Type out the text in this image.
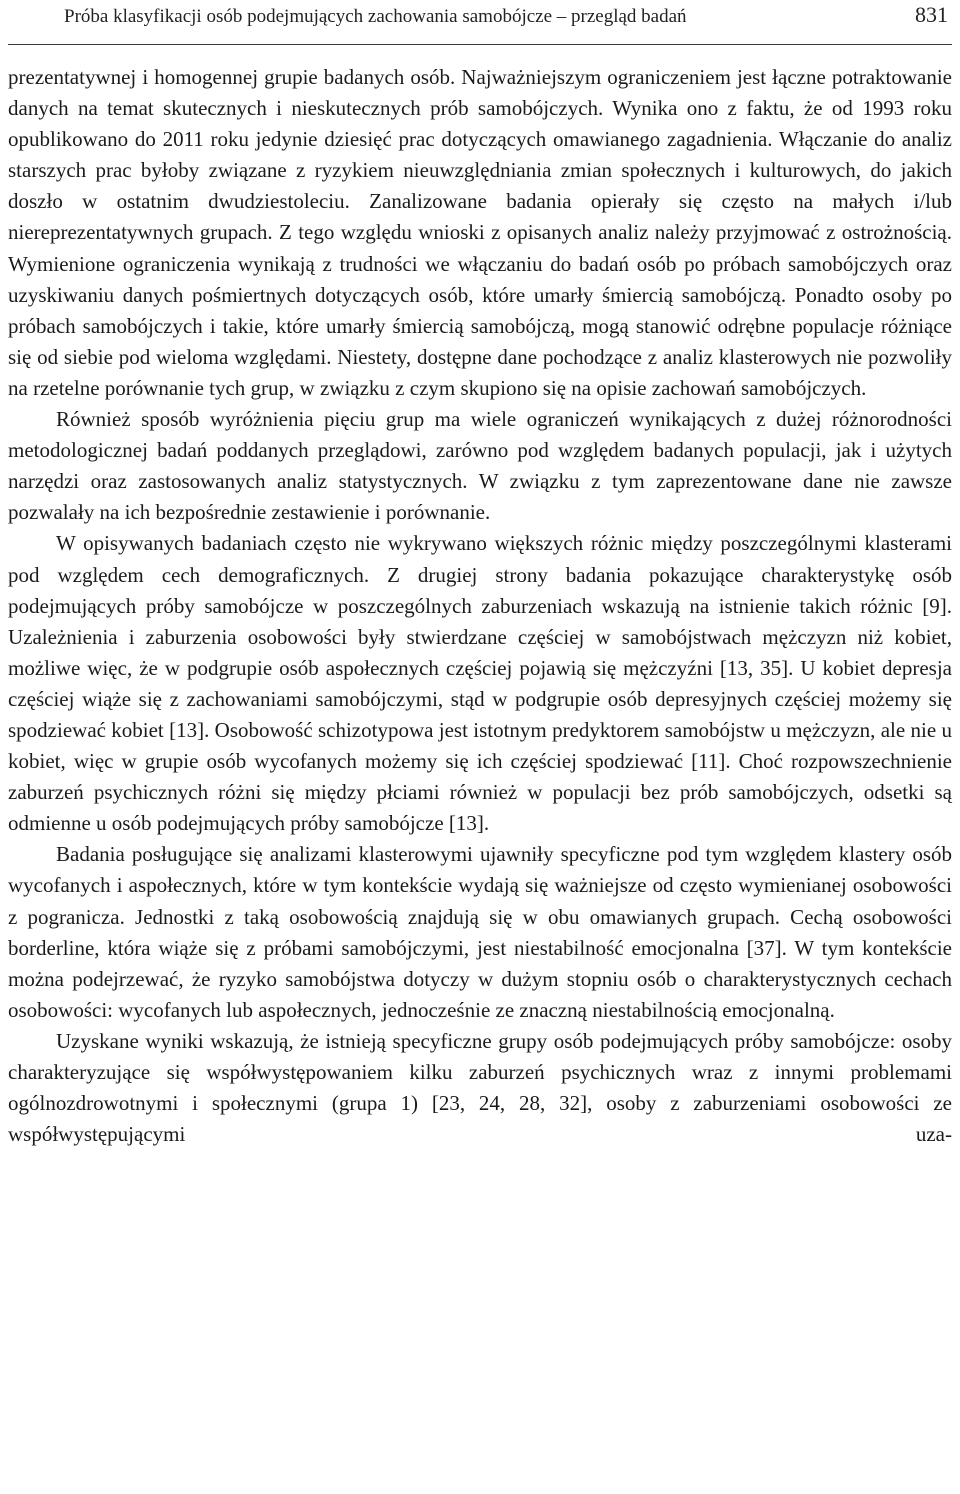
Próba klasyfikacji osób podejmujących zachowania samobójcze – przegląd badań	831

prezentatywnej i homogennej grupie badanych osób. Najważniejszym ograniczeniem jest łączne potraktowanie danych na temat skutecznych i nieskutecznych prób samobójczych. Wynika ono z faktu, że od 1993 roku opublikowano do 2011 roku jedynie dziesięć prac dotyczących omawianego zagadnienia. Włączanie do analiz starszych prac byłoby związane z ryzykiem nieuwzględniania zmian społecznych i kulturowych, do jakich doszło w ostatnim dwudziestoleciu. Zanalizowane badania opierały się często na małych i/lub niereprezentatywnych grupach. Z tego względu wnioski z opisanych analiz należy przyjmować z ostrożnością. Wymienione ograniczenia wynikają z trudności we włączaniu do badań osób po próbach samobójczych oraz uzyskiwaniu danych pośmiertnych dotyczących osób, które umarły śmiercią samobójczą. Ponadto osoby po próbach samobójczych i takie, które umarły śmiercią samobójczą, mogą stanowić odrębne populacje różniące się od siebie pod wieloma względami. Niestety, dostępne dane pochodzące z analiz klasterowych nie pozwoliły na rzetelne porównanie tych grup, w związku z czym skupiono się na opisie zachowań samobójczych.

Również sposób wyróżnienia pięciu grup ma wiele ograniczeń wynikających z dużej różnorodności metodologicznej badań poddanych przeglądowi, zarówno pod względem badanych populacji, jak i użytych narzędzi oraz zastosowanych analiz statystycznych. W związku z tym zaprezentowane dane nie zawsze pozwalały na ich bezpośrednie zestawienie i porównanie.

W opisywanych badaniach często nie wykrywano większych różnic między poszczególnymi klasterami pod względem cech demograficznych. Z drugiej strony badania pokazujące charakterystykę osób podejmujących próby samobójcze w poszczególnych zaburzeniach wskazują na istnienie takich różnic [9]. Uzależnienia i zaburzenia osobowości były stwierdzane częściej w samobójstwach mężczyzn niż kobiet, możliwe więc, że w podgrupie osób aspołecznych częściej pojawią się mężczyźni [13, 35]. U kobiet depresja częściej wiąże się z zachowaniami samobójczymi, stąd w podgrupie osób depresyjnych częściej możemy się spodziewać kobiet [13]. Osobowość schizotypowa jest istotnym predyktorem samobójstw u mężczyzn, ale nie u kobiet, więc w grupie osób wycofanych możemy się ich częściej spodziewać [11]. Choć rozpowszechnienie zaburzeń psychicznych różni się między płciami również w populacji bez prób samobójczych, odsetki są odmienne u osób podejmujących próby samobójcze [13].

Badania posługujące się analizami klasterowymi ujawniły specyficzne pod tym względem klastery osób wycofanych i aspołecznych, które w tym kontekście wydają się ważniejsze od często wymienianej osobowości z pogranicza. Jednostki z taką osobowością znajdują się w obu omawianych grupach. Cechą osobowości borderline, która wiąże się z próbami samobójczymi, jest niestabilność emocjonalna [37]. W tym kontekście można podejrzewać, że ryzyko samobójstwa dotyczy w dużym stopniu osób o charakterystycznych cechach osobowości: wycofanych lub aspołecznych, jednocześnie ze znaczną niestabilnością emocjonalną.

Uzyskane wyniki wskazują, że istnieją specyficzne grupy osób podejmujących próby samobójcze: osoby charakteryzujące się współwystępowaniem kilku zaburzeń psychicznych wraz z innymi problemami ogólnozdrowotnymi i społecznymi (grupa 1) [23, 24, 28, 32], osoby z zaburzeniami osobowości ze współwystępującymi uza-
